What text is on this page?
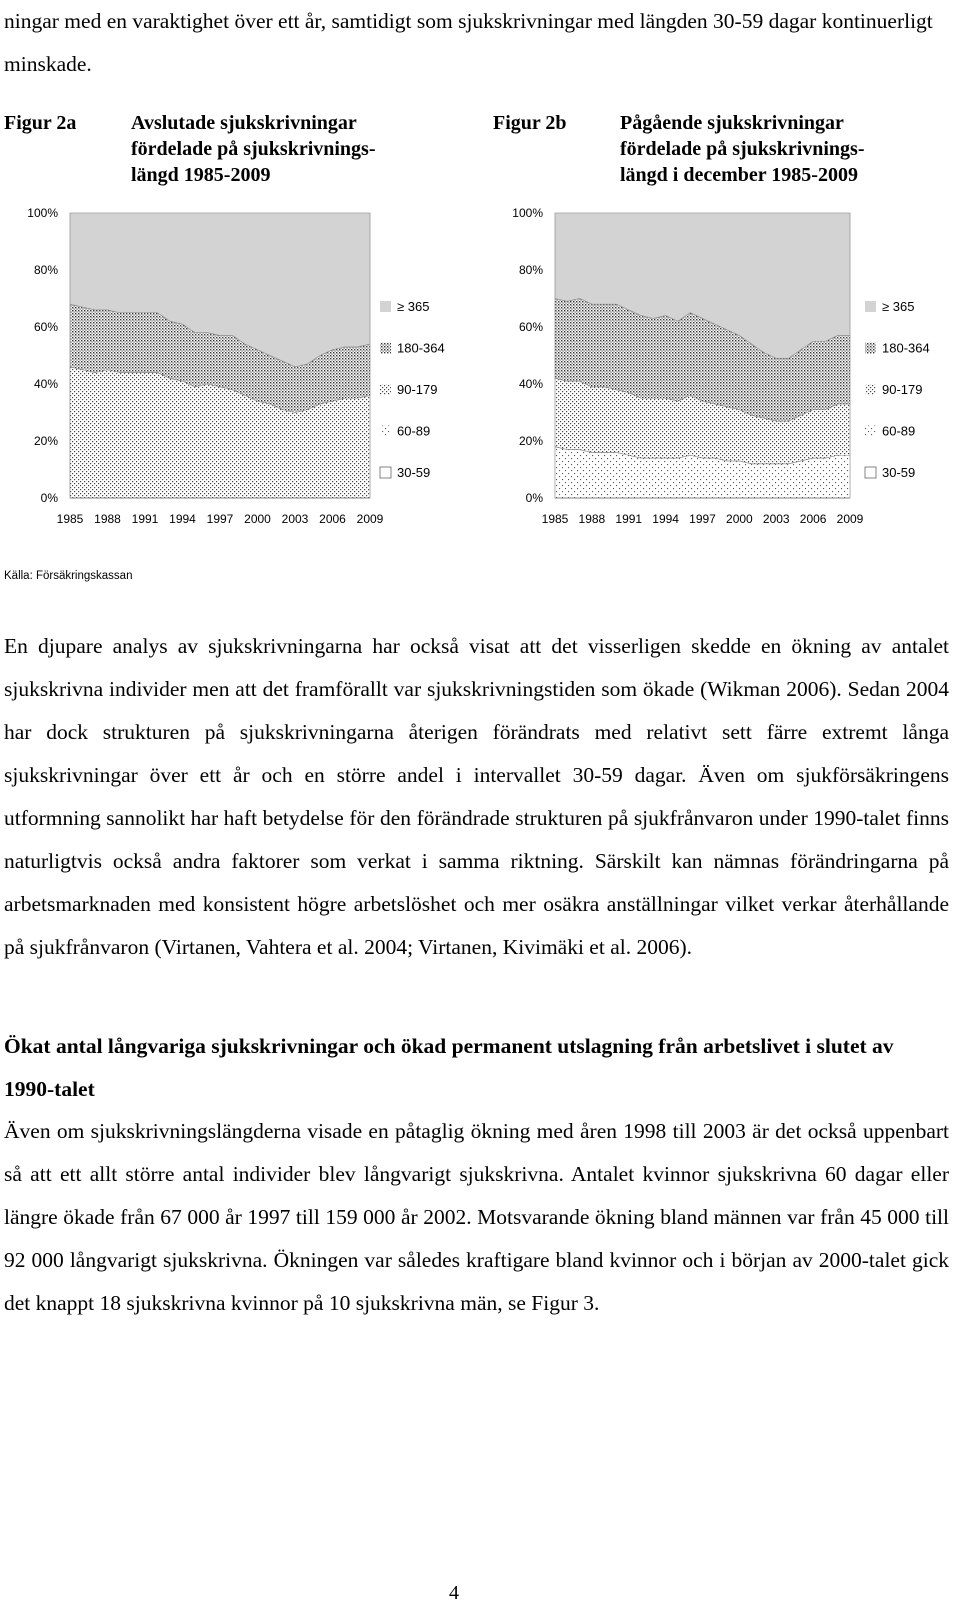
ningar med en varaktighet över ett år, samtidigt som sjukskrivningar med längden 30-59 dagar kontinuerligt minskade.
Figur 2a	Avslutade sjukskrivningar
fördelade på sjukskrivnings-
längd 1985-2009
Figur 2b	Pågående sjukskrivningar
fördelade på sjukskrivnings-
längd i december 1985-2009
0%
20%
40%
60%
80%
100%
1985 1988 1991 1994 1997 2000 2003 2006 2009
≥ 365
180-364
90-179
60-89
30-59
0%
20%
40%
60%
80%
100%
1985 1988 1991 1994 1997 2000 2003 2006 2009
≥ 365
180-364
90-179
60-89
30-59
Källa: Försäkringskassan
En djupare analys av sjukskrivningarna har också visat att det visserligen skedde en ökning av antalet sjukskrivna individer men att det framförallt var sjukskrivningstiden som ökade (Wikman 2006). Sedan 2004 har dock strukturen på sjukskrivningarna återigen förändrats med relativt sett färre extremt långa sjukskrivningar över ett år och en större andel i intervallet 30-59 dagar. Även om sjukförsäkringens utformning sannolikt har haft betydelse för den förändrade strukturen på sjukfrånvaron under 1990-talet finns naturligtvis också andra faktorer som verkat i samma riktning. Särskilt kan nämnas förändringarna på arbetsmarknaden med konsistent högre arbetslöshet och mer osäkra anställningar vilket verkar återhållande på sjukfrånvaron (Virtanen, Vahtera et al. 2004; Virtanen, Kivimäki et al. 2006).
Ökat antal långvariga sjukskrivningar och ökad permanent utslagning från arbetslivet i slutet av 1990-talet
Även om sjukskrivningslängderna visade en påtaglig ökning med åren 1998 till 2003 är det också uppenbart så att ett allt större antal individer blev långvarigt sjukskrivna. Antalet kvinnor sjukskrivna 60 dagar eller längre ökade från 67 000 år 1997 till 159 000 år 2002. Motsvarande ökning bland männen var från 45 000 till 92 000 långvarigt sjukskrivna. Ökningen var således kraftigare bland kvinnor och i början av 2000-talet gick det knappt 18 sjukskrivna kvinnor på 10 sjukskrivna män, se Figur 3.
4
